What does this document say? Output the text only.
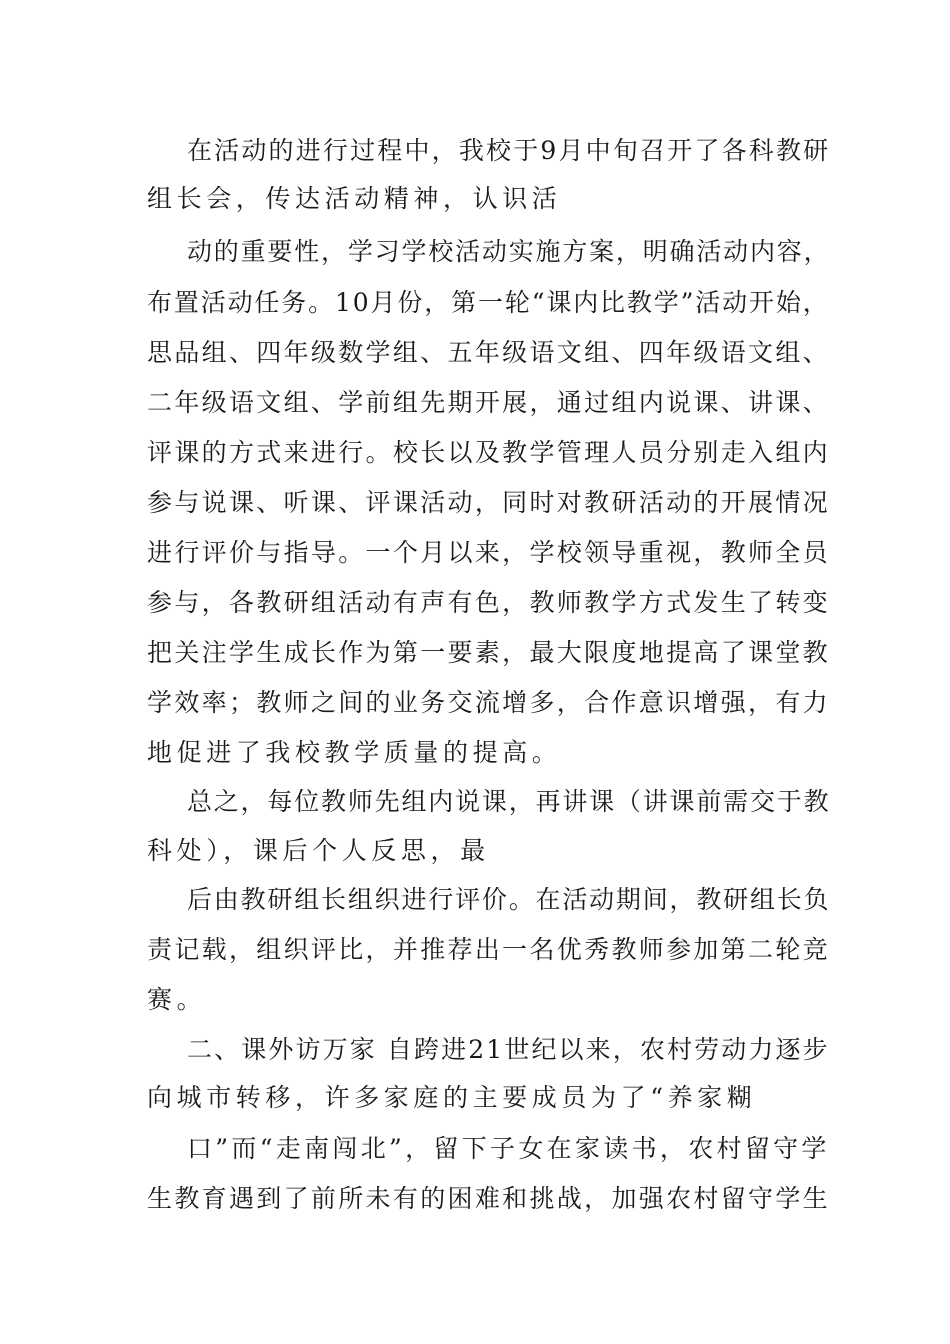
在活动的进行过程中，我校于9月中旬召开了各科教研
组长会，传达活动精神，认识活
动的重要性，学习学校活动实施方案，明确活动内容，
布置活动任务。10月份，第一轮“课内比教学”活动开始，
思品组、四年级数学组、五年级语文组、四年级语文组、
二年级语文组、学前组先期开展，通过组内说课、讲课、
评课的方式来进行。校长以及教学管理人员分别走入组内
参与说课、听课、评课活动，同时对教研活动的开展情况
进行评价与指导。一个月以来，学校领导重视，教师全员
参与，各教研组活动有声有色，教师教学方式发生了转变
把关注学生成长作为第一要素，最大限度地提高了课堂教
学效率；教师之间的业务交流增多，合作意识增强，有力
地促进了我校教学质量的提高。
总之，每位教师先组内说课，再讲课（讲课前需交于教
科处），课后个人反思，最
后由教研组长组织进行评价。在活动期间，教研组长负
责记载，组织评比，并推荐出一名优秀教师参加第二轮竞
赛。
二、课外访万家 自跨进21世纪以来，农村劳动力逐步
向城市转移，许多家庭的主要成员为了“养家糊
口”而“走南闯北”，留下子女在家读书，农村留守学
生教育遇到了前所未有的困难和挑战，加强农村留守学生
